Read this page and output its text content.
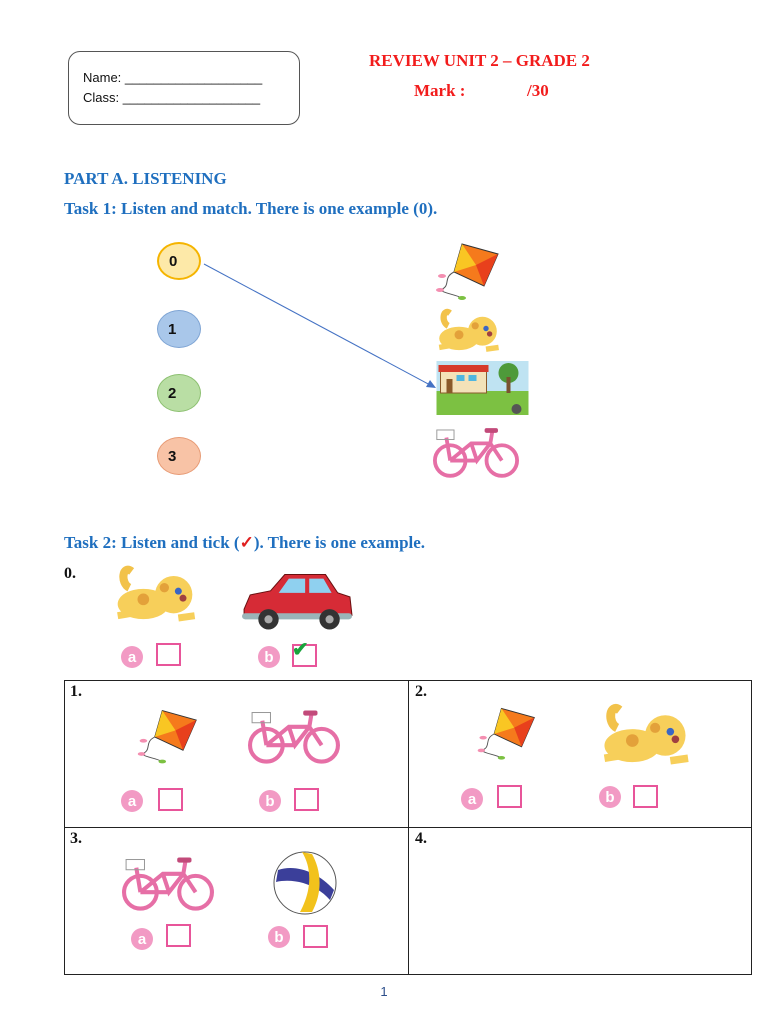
Name: ___________________
Class: ___________________
REVIEW UNIT 2 – GRADE 2
Mark :	/30
PART A. LISTENING
Task 1: Listen and match. There is one example (0).
0
1
2
3
Task 2: Listen and tick (✓). There is one example.
0.
a	b ✔

1.
a	b
2.
a	b
3.
a	b
4.
1
